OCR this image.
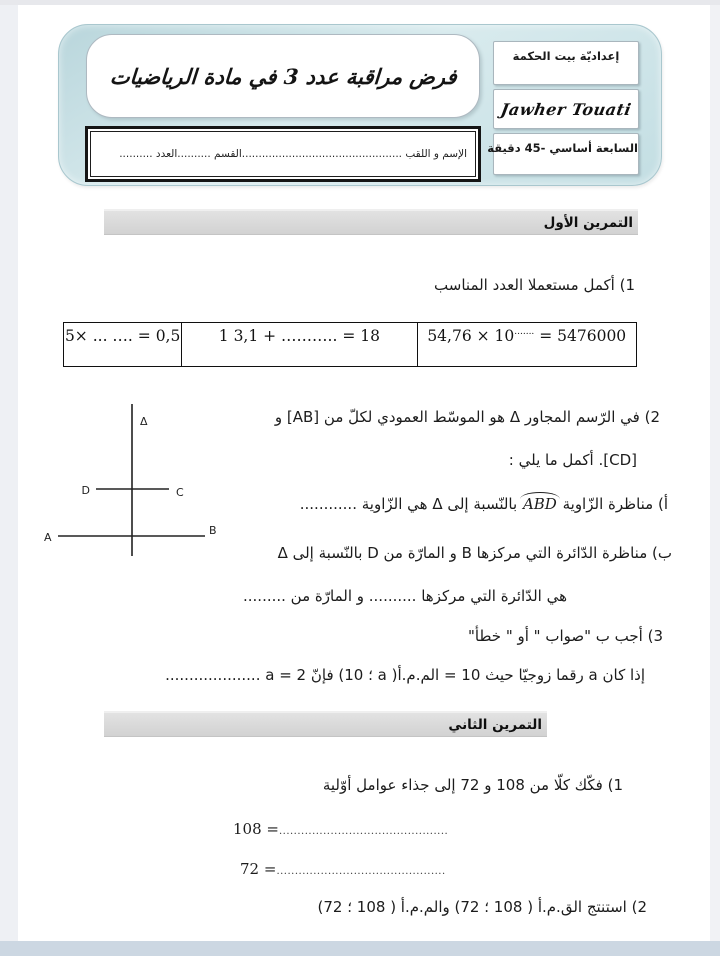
فرض مراقبة عدد 3 في مادة الرياضيات
الإسم و اللقب ................................................القسم ..........العدد ..........
إعداديّة بيت الحكمة
Jawher Touati
السابعة أساسي -45 دقيقة
التمرين الأول
1) أكمل مستعملا العدد المناسب
54,76 × 10....... = 5476000
1 3,1 + ……….. = 18
5× ... …. = 0,5
Δ
D	C
A
B
2) في الرّسم المجاور Δ هو الموسّط العمودي لكلّ من [AB] و
[CD]. أكمل ما يلي :
أ) مناظرة الزّاوية ABD بالنّسبة إلى Δ هي الزّاوية ............
ب) مناظرة الدّائرة التي مركزها B و المارّة من D بالنّسبة إلى Δ
هي الدّائرة التي مركزها .......... و المارّة من .........
3) أجب ب "صواب " أو " خطأ"
إذا كان a رقما زوجيّا حيث 10 = الم.م.أ( a ؛ 10) فإنّ a = 2 ....................
التمرين الثاني
1) فكّك كلّا من 108 و 72 إلى جذاء عوامل أوّلية
108 =..............................................
72 =..............................................
2) استنتج الق.م.أ ( 108 ؛ 72) والم.م.أ ( 108 ؛ 72)
